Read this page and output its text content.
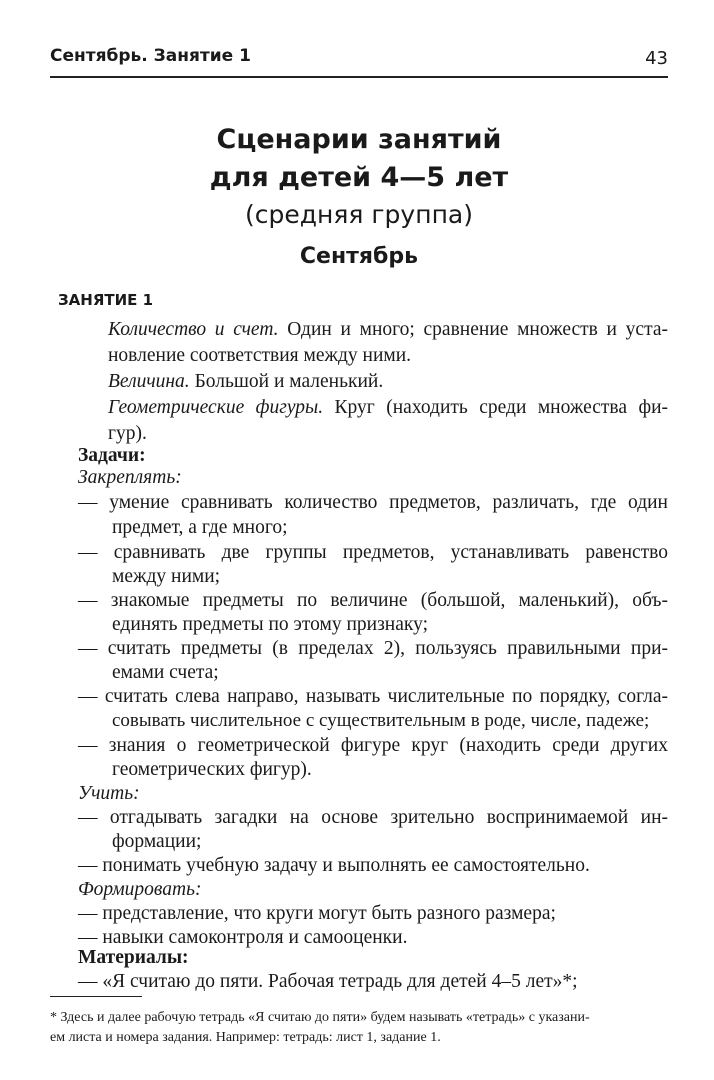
Сентябрь. Занятие 1	43
Сценарии занятий
для детей 4—5 лет
(средняя группа)
Сентябрь
ЗАНЯТИЕ 1
Количество и счет. Один и много; сравнение множеств и уста-
новление соответствия между ними.
Величина. Большой и маленький.
Геометрические фигуры. Круг (находить среди множества фи-
гур).
Задачи:
Закреплять:
— умение сравнивать количество предметов, различать, где один
предмет, а где много;
— сравнивать две группы предметов, устанавливать равенство
между ними;
— знакомые предметы по величине (большой, маленький), объ-
единять предметы по этому признаку;
— считать предметы (в пределах 2), пользуясь правильными при-
емами счета;
— считать слева направо, называть числительные по порядку, согла-
совывать числительное с существительным в роде, числе, падеже;
— знания о геометрической фигуре круг (находить среди других
геометрических фигур).
Учить:
— отгадывать загадки на основе зрительно воспринимаемой ин-
формации;
— понимать учебную задачу и выполнять ее самостоятельно.
Формировать:
— представление, что круги могут быть разного размера;
— навыки самоконтроля и самооценки.
Материалы:
— «Я считаю до пяти. Рабочая тетрадь для детей 4–5 лет»*;
* Здесь и далее рабочую тетрадь «Я считаю до пяти» будем называть «тетрадь» с указани-
ем листа и номера задания. Например: тетрадь: лист 1, задание 1.
